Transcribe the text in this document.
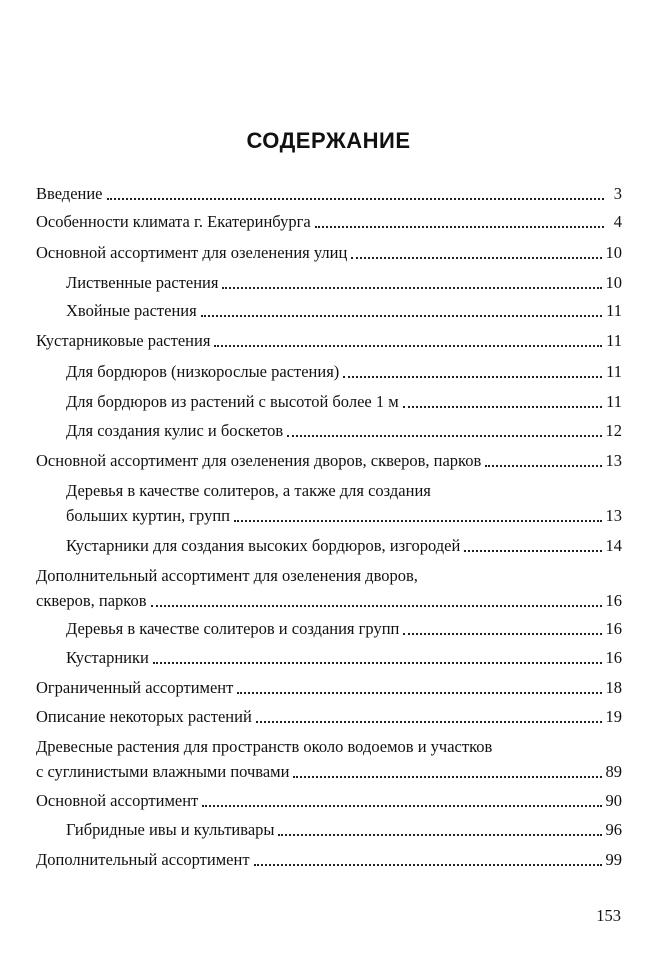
СОДЕРЖАНИЕ
Введение	3
Особенности климата г. Екатеринбурга	4
Основной ассортимент для озеленения улиц	10
Лиственные растения	10
Хвойные растения	11
Кустарниковые растения	11
Для бордюров (низкорослые растения)	11
Для бордюров из растений с высотой более 1 м	11
Для создания кулис и боскетов	12
Основной ассортимент для озеленения дворов, скверов, парков	13
Деревья в качестве солитеров, а также для создания
больших куртин, групп	13
Кустарники для создания высоких бордюров, изгородей	14
Дополнительный ассортимент для озеленения дворов,
скверов, парков	16
Деревья в качестве солитеров и создания групп	16
Кустарники	16
Ограниченный ассортимент	18
Описание некоторых растений	19
Древесные растения для пространств около водоемов и участков
с суглинистыми влажными почвами	89
Основной ассортимент	90
Гибридные ивы и культивары	96
Дополнительный ассортимент	99
153
